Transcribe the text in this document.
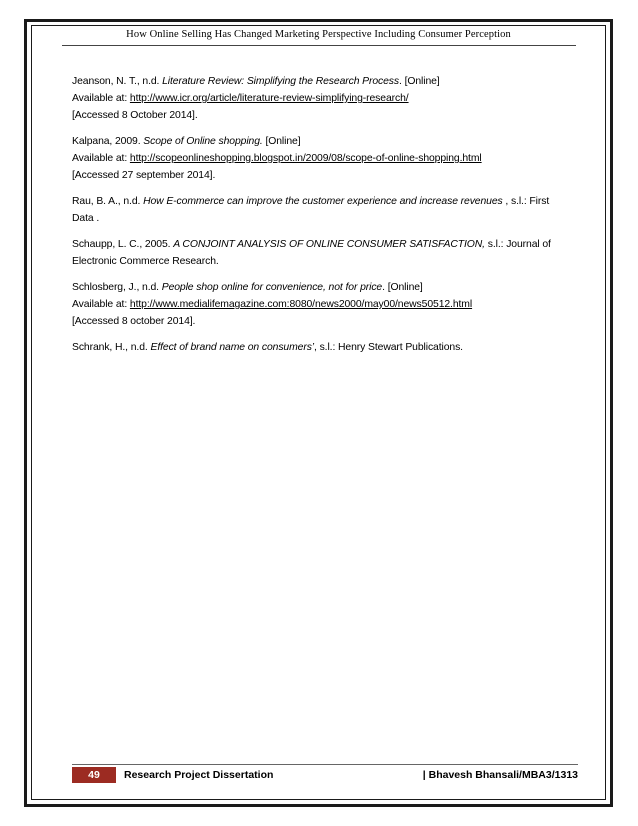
How Online Selling Has Changed Marketing Perspective Including Consumer Perception

Jeanson, N. T., n.d. Literature Review: Simplifying the Research Process. [Online]
Available at: http://www.icr.org/article/literature-review-simplifying-research/
[Accessed 8 October 2014].

Kalpana, 2009. Scope of Online shopping. [Online]
Available at: http://scopeonlineshopping.blogspot.in/2009/08/scope-of-online-shopping.html
[Accessed 27 september 2014].

Rau, B. A., n.d. How E-commerce can improve the customer experience and increase revenues , s.l.: First Data .

Schaupp, L. C., 2005. A CONJOINT ANALYSIS OF ONLINE CONSUMER SATISFACTION, s.l.: Journal of Electronic Commerce Research.

Schlosberg, J., n.d. People shop online for convenience, not for price. [Online]
Available at: http://www.medialifemagazine.com:8080/news2000/may00/news50512.html
[Accessed 8 october 2014].

Schrank, H., n.d. Effect of brand name on consumers’, s.l.: Henry Stewart Publications.

49	Research Project Dissertation	| Bhavesh Bhansali/MBA3/1313
